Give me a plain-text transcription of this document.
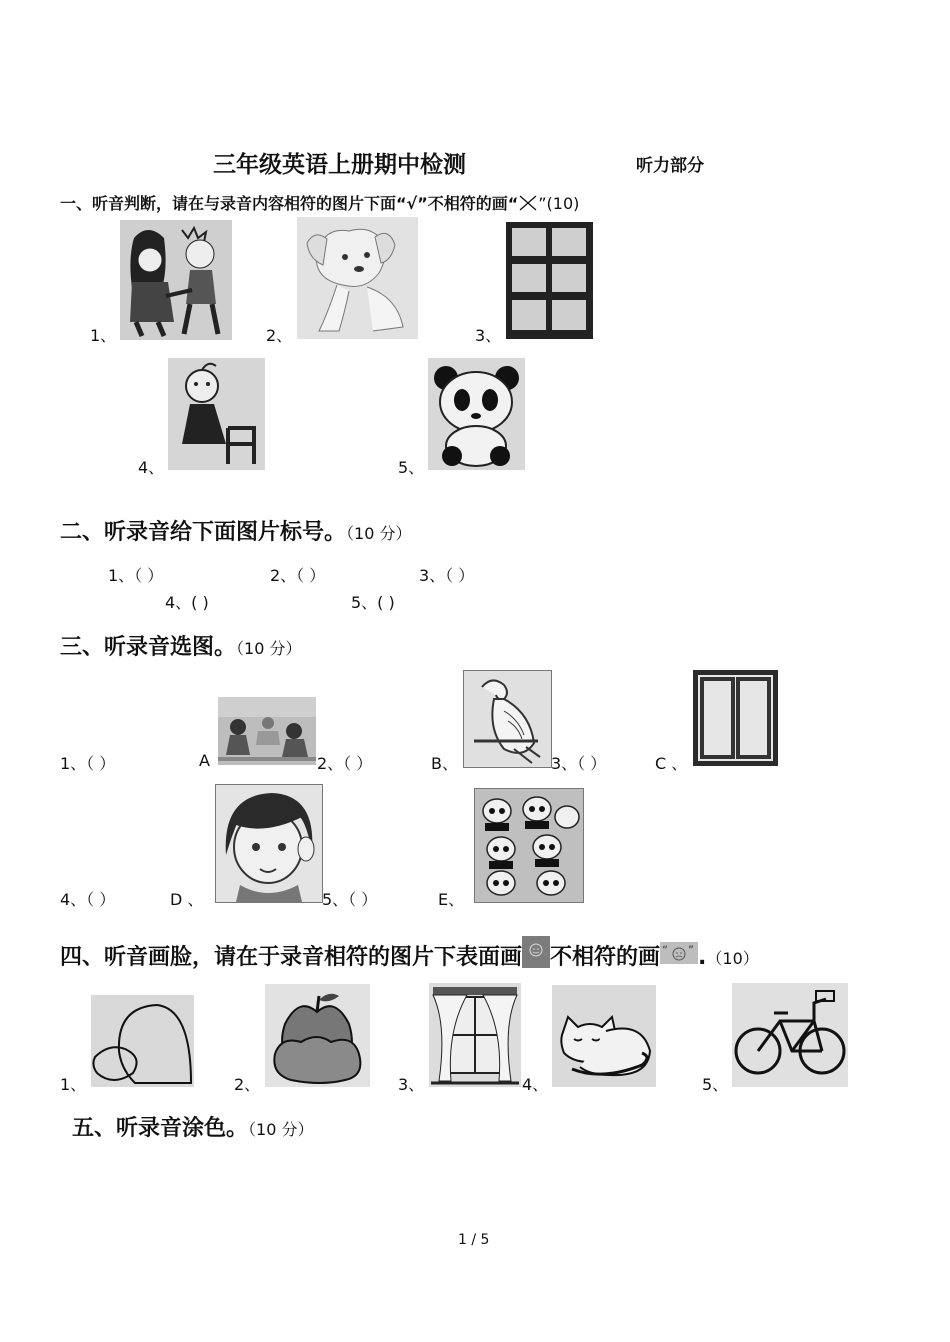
三年级英语上册期中检测	听力部分
一、听音判断，请在与录音内容相符的图片下面“√”不相符的画“ ”(10)
1、	2、	3、
4、	5、
二、听录音给下面图片标号。（10 分）
1、（ ）	2、（ ）	3、（ ）
4、( )	5、( )
三、听录音选图。（10 分）
1、（ ）	A	2、（ ）	B、	3、（ ）	C 、
4、（ ）	D 、	5、（ ）	E、
四、听音画脸，请在于录音相符的图片下表面画 不相符的画 “ ” .（10）
1、	2、	3、	4、	5、
五、听录音涂色。（10 分）
1 / 5
